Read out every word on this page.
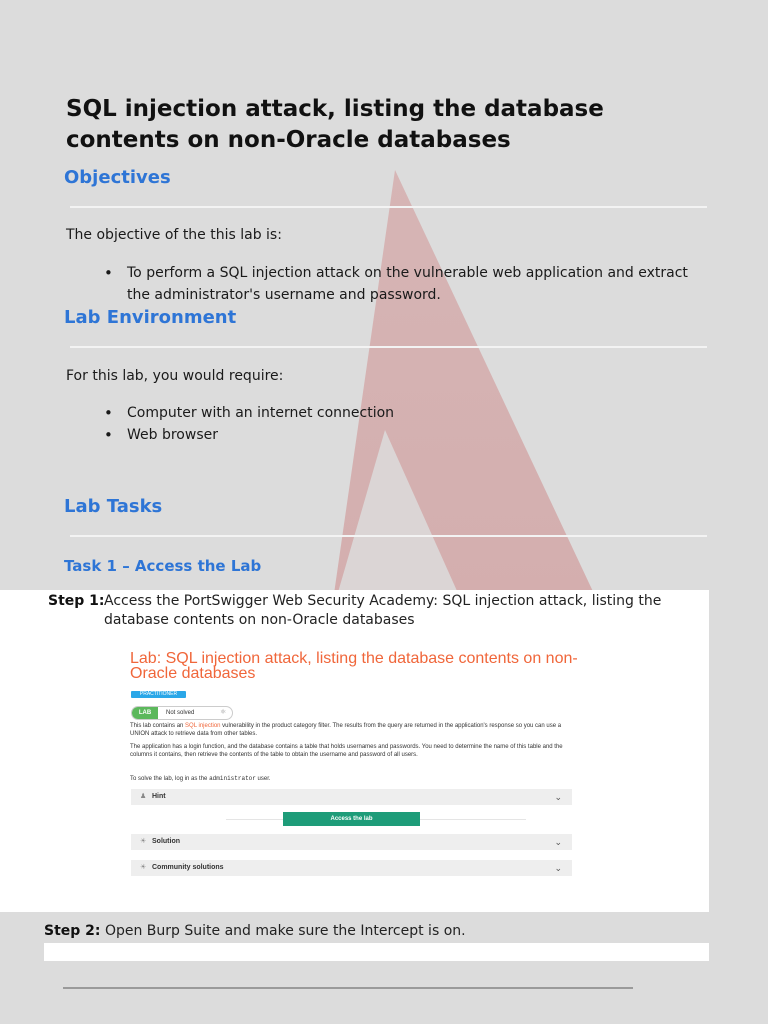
SQL injection attack, listing the database contents on non-Oracle databases
Objectives
The objective of the this lab is:
• To perform a SQL injection attack on the vulnerable web application and extract the administrator's username and password.
Lab Environment
For this lab, you would require:
• Computer with an internet connection
• Web browser
Lab Tasks
Task 1 – Access the Lab
Step 1: Access the PortSwigger Web Security Academy: SQL injection attack, listing the database contents on non-Oracle databases
Lab: SQL injection attack, listing the database contents on non-Oracle databases
PRACTITIONER
LAB	Not solved	⚛
This lab contains an SQL injection vulnerability in the product category filter. The results from the query are returned in the application's response so you can use a UNION attack to retrieve data from other tables.
The application has a login function, and the database contains a table that holds usernames and passwords. You need to determine the name of this table and the columns it contains, then retrieve the contents of the table to obtain the username and password of all users.
To solve the lab, log in as the administrator user.
♟ Hint	⌄
Access the lab
☀ Solution	⌄
☀ Community solutions	⌄
Step 2: Open Burp Suite and make sure the Intercept is on.
